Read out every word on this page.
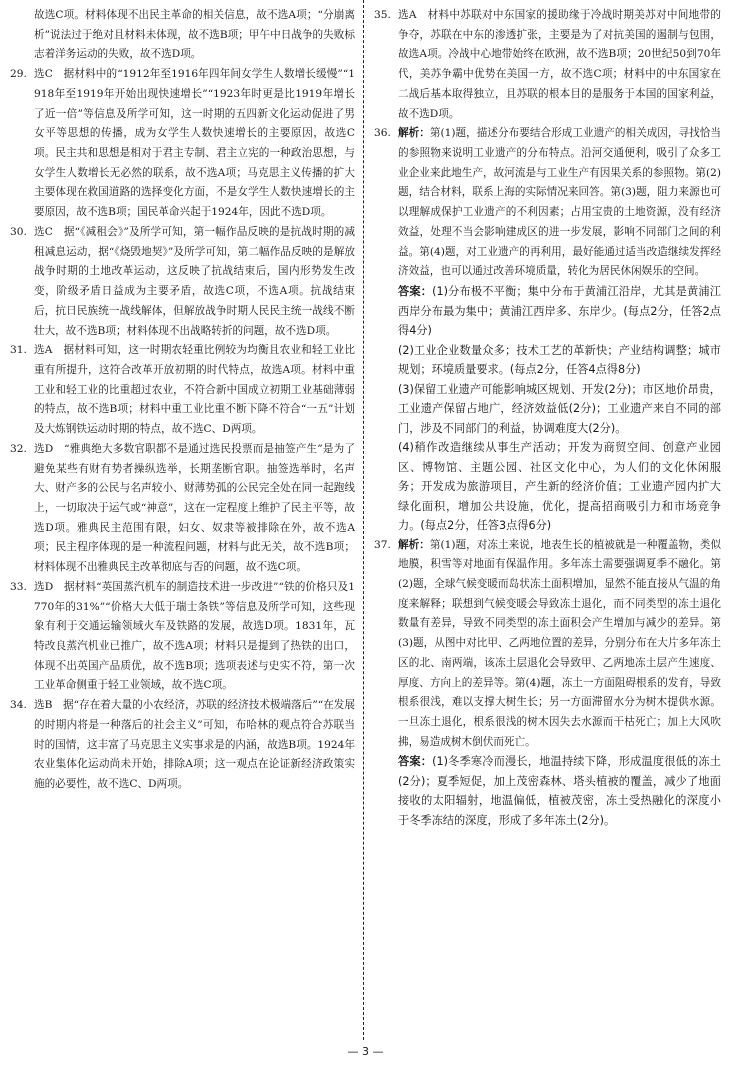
故选C项。材料体现不出民主革命的相关信息，故不选A项；“分崩离析”说法过于绝对且材料未体现，故不选B项；甲午中日战争的失败标志着洋务运动的失败，故不选D项。

29. 选C　据材料中的“1912年至1916年四年间女学生人数增长缓慢”“1918年至1919年开始出现快速增长”“1923年时更是比1919年增长了近一倍”等信息及所学可知，这一时期的五四新文化运动促进了男女平等思想的传播，成为女学生人数快速增长的主要原因，故选C项。民主共和思想是相对于君主专制、君主立宪的一种政治思想，与女学生人数增长无必然的联系，故不选A项；马克思主义传播的扩大主要体现在救国道路的选择变化方面，不是女学生人数快速增长的主要原因，故不选B项；国民革命兴起于1924年，因此不选D项。

30. 选C　据“《减租会》”及所学可知，第一幅作品反映的是抗战时期的减租减息运动，据“《烧毁地契》”及所学可知，第二幅作品反映的是解放战争时期的土地改革运动，这反映了抗战结束后，国内形势发生改变，阶级矛盾日益成为主要矛盾，故选C项，不选A项。抗战结束后，抗日民族统一战线解体，但解放战争时期人民民主统一战线不断壮大，故不选B项；材料体现不出战略转折的问题，故不选D项。

31. 选A　据材料可知，这一时期农轻重比例较为均衡且农业和轻工业比重有所提升，这符合改革开放初期的时代特点，故选A项。材料中重工业和轻工业的比重超过农业，不符合新中国成立初期工业基础薄弱的特点，故不选B项；材料中重工业比重不断下降不符合“一五”计划及大炼钢铁运动时期的特点，故不选C、D两项。

32. 选D　“雅典绝大多数官职都不是通过选民投票而是抽签产生”是为了避免某些有财有势者操纵选举，长期垄断官职。抽签选举时，名声大、财产多的公民与名声较小、财薄势孤的公民完全处在同一起跑线上，一切取决于运气或“神意”，这在一定程度上维护了民主平等，故选D项。雅典民主范围有限，妇女、奴隶等被排除在外，故不选A项；民主程序体现的是一种流程问题，材料与此无关，故不选B项；材料体现不出雅典民主改革彻底与否的问题，故不选C项。

33. 选D　据材料“英国蒸汽机车的制造技术进一步改进”“铁的价格只及1770年的31%”“价格大大低于瑞士条铁”等信息及所学可知，这些现象有利于交通运输领域火车及铁路的发展，故选D项。1831年，瓦特改良蒸汽机业已推广，故不选A项；材料只是提到了热铁的出口，体现不出英国产品质优，故不选B项；选项表述与史实不符，第一次工业革命侧重于轻工业领域，故不选C项。

34. 选B　据“存在着大量的小农经济，苏联的经济技术极端落后”“在发展的时期内将是一种落后的社会主义”可知，布哈林的观点符合苏联当时的国情，这丰富了马克思主义实事求是的内涵，故选B项。1924年农业集体化运动尚未开始，排除A项；这一观点在论证新经济政策实施的必要性，故不选C、D两项。

35. 选A　材料中苏联对中东国家的援助缘于冷战时期美苏对中间地带的争夺，苏联在中东的渗透扩张，主要是为了对抗美国的遏制与包围，故选A项。冷战中心地带始终在欧洲，故不选B项；20世纪50到70年代，美苏争霸中优势在美国一方，故不选C项；材料中的中东国家在二战后基本取得独立，且苏联的根本目的是服务于本国的国家利益，故不选D项。

36. 解析：第(1)题，描述分布要结合形成工业遗产的相关成因，寻找恰当的参照物来说明工业遗产的分布特点。沿河交通便利，吸引了众多工业企业来此地生产，故河流是与工业生产有因果关系的参照物。第(2)题，结合材料，联系上海的实际情况来回答。第(3)题，阻力来源也可以理解成保护工业遗产的不利因素；占用宝贵的土地资源，没有经济效益，处理不当会影响建成区的进一步发展，影响不同部门之间的利益。第(4)题，对工业遗产的再利用，最好能通过适当改造继续发挥经济效益，也可以通过改善环境质量，转化为居民休闲娱乐的空间。

答案：(1)分布极不平衡；集中分布于黄浦江沿岸，尤其是黄浦江西岸分布最为集中；黄浦江西岸多、东岸少。(每点2分，任答2点得4分)

(2)工业企业数量众多；技术工艺的革新快；产业结构调整；城市规划；环境质量要求。(每点2分，任答4点得8分)

(3)保留工业遗产可能影响城区规划、开发(2分)；市区地价昂贵，工业遗产保留占地广，经济效益低(2分)；工业遗产来自不同的部门，涉及不同部门的利益，协调难度大(2分)。

(4)稍作改造继续从事生产活动；开发为商贸空间、创意产业园区、博物馆、主题公园、社区文化中心，为人们的文化休闲服务；开发成为旅游项目，产生新的经济价值；工业遗产园内扩大绿化面积，增加公共设施，优化，提高招商吸引力和市场竞争力。(每点2分，任答3点得6分)

37. 解析：第(1)题，对冻土来说，地表生长的植被就是一种覆盖物，类似地膜，积雪等对地面有保温作用。多年冻土需要强调夏季不融化。第(2)题，全球气候变暖而岛状冻土面积增加，显然不能直接从气温的角度来解释；联想到气候变暖会导致冻土退化，而不同类型的冻土退化数量有差异，导致不同类型的冻土面积会产生增加与减少的差异。第(3)题，从图中对比甲、乙两地位置的差异，分别分布在大片多年冻土区的北、南两端，该冻土层退化会导致甲、乙两地冻土层产生速度、厚度、方向上的差异等。第(4)题，冻土一方面阻碍根系的发育，导致根系很浅，难以支撑大树生长；另一方面滞留水分为树木提供水源。一旦冻土退化，根系很浅的树木因失去水源而干枯死亡；加上大风吹拂，易造成树木倒伏而死亡。

答案：(1)冬季寒冷而漫长，地温持续下降，形成温度很低的冻土(2分)；夏季短促，加上茂密森林、塔头植被的覆盖，减少了地面接收的太阳辐射，地温偏低，植被茂密，冻土受热融化的深度小于冬季冻结的深度，形成了多年冻土(2分)。

— 3 —
